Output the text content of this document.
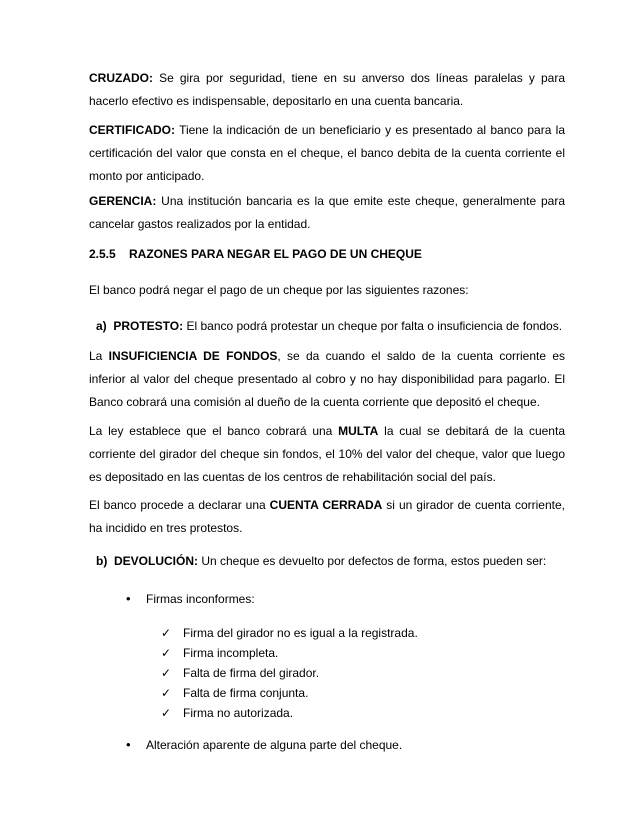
CRUZADO: Se gira por seguridad, tiene en su anverso dos líneas paralelas y para hacerlo efectivo es indispensable, depositarlo en una cuenta bancaria.

CERTIFICADO: Tiene la indicación de un beneficiario y es presentado al banco para la certificación del valor que consta en el cheque, el banco debita de la cuenta corriente el monto por anticipado.

GERENCIA: Una institución bancaria es la que emite este cheque, generalmente para cancelar gastos realizados por la entidad.

2.5.5 RAZONES PARA NEGAR EL PAGO DE UN CHEQUE

El banco podrá negar el pago de un cheque por las siguientes razones:

a) PROTESTO: El banco podrá protestar un cheque por falta o insuficiencia de fondos.

La INSUFICIENCIA DE FONDOS, se da cuando el saldo de la cuenta corriente es inferior al valor del cheque presentado al cobro y no hay disponibilidad para pagarlo. El Banco cobrará una comisión al dueño de la cuenta corriente que depositó el cheque.

La ley establece que el banco cobrará una MULTA la cual se debitará de la cuenta corriente del girador del cheque sin fondos, el 10% del valor del cheque, valor que luego es depositado en las cuentas de los centros de rehabilitación social del país.

El banco procede a declarar una CUENTA CERRADA si un girador de cuenta corriente, ha incidido en tres protestos.

b) DEVOLUCIÓN: Un cheque es devuelto por defectos de forma, estos pueden ser:

• Firmas inconformes:
✓ Firma del girador no es igual a la registrada.
✓ Firma incompleta.
✓ Falta de firma del girador.
✓ Falta de firma conjunta.
✓ Firma no autorizada.
• Alteración aparente de alguna parte del cheque.
